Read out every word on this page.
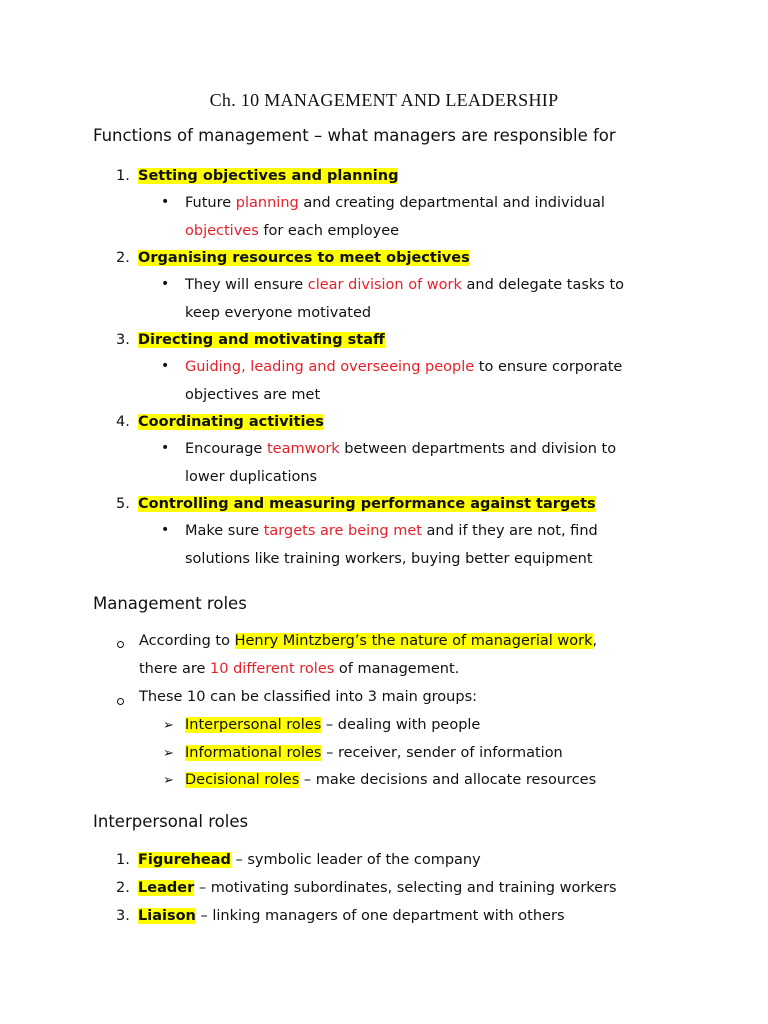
Ch. 10 MANAGEMENT AND LEADERSHIP
Functions of management – what managers are responsible for
1. Setting objectives and planning
• Future planning and creating departmental and individual
objectives for each employee
2. Organising resources to meet objectives
• They will ensure clear division of work and delegate tasks to
keep everyone motivated
3. Directing and motivating staff
• Guiding, leading and overseeing people to ensure corporate
objectives are met
4. Coordinating activities
• Encourage teamwork between departments and division to
lower duplications
5. Controlling and measuring performance against targets
• Make sure targets are being met and if they are not, find
solutions like training workers, buying better equipment
Management roles
According to Henry Mintzberg’s the nature of managerial work,
there are 10 different roles of management.
These 10 can be classified into 3 main groups:
➢ Interpersonal roles – dealing with people
➢ Informational roles – receiver, sender of information
➢ Decisional roles – make decisions and allocate resources
Interpersonal roles
1. Figurehead – symbolic leader of the company
2. Leader – motivating subordinates, selecting and training workers
3. Liaison – linking managers of one department with others
